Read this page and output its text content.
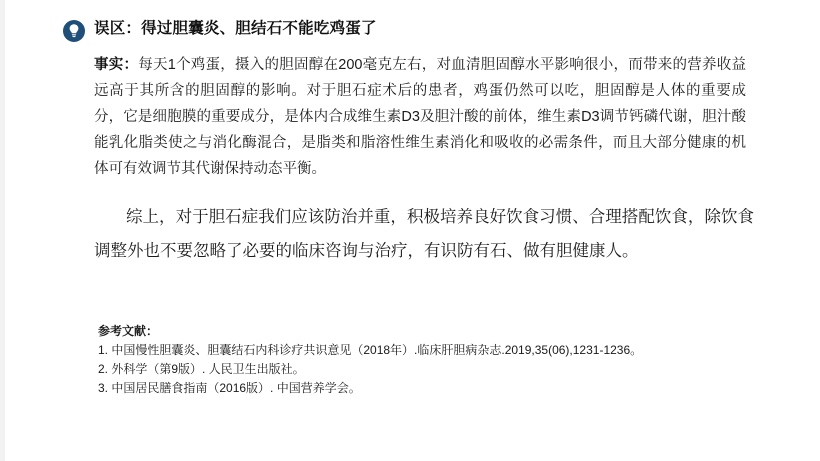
误区：得过胆囊炎、胆结石不能吃鸡蛋了
事实：每天1个鸡蛋，摄入的胆固醇在200毫克左右，对血清胆固醇水平影响很小，而带来的营养收益远高于其所含的胆固醇的影响。对于胆石症术后的患者，鸡蛋仍然可以吃，胆固醇是人体的重要成分，它是细胞膜的重要成分，是体内合成维生素D3及胆汁酸的前体，维生素D3调节钙磷代谢，胆汁酸能乳化脂类使之与消化酶混合，是脂类和脂溶性维生素消化和吸收的必需条件，而且大部分健康的机体可有效调节其代谢保持动态平衡。
综上，对于胆石症我们应该防治并重，积极培养良好饮食习惯、合理搭配饮食，除饮食调整外也不要忽略了必要的临床咨询与治疗，有识防有石、做有胆健康人。
参考文献：
1. 中国慢性胆囊炎、胆囊结石内科诊疗共识意见（2018年）.临床肝胆病杂志.2019,35(06),1231-1236。
2. 外科学（第9版）. 人民卫生出版社。
3. 中国居民膳食指南（2016版）. 中国营养学会。
